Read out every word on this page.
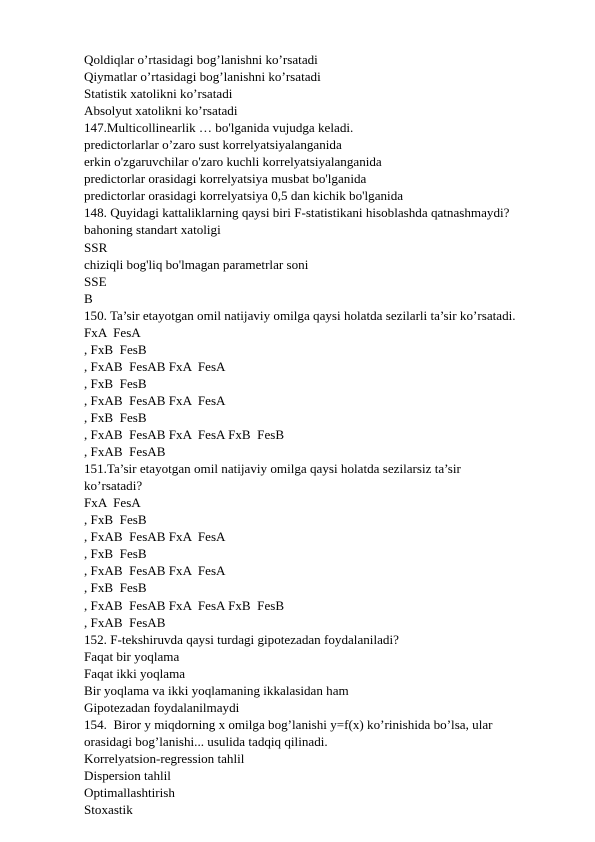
Qoldiqlar o’rtasidagi bog’lanishni ko’rsatadi
Qiymatlar o’rtasidagi bog’lanishni ko’rsatadi
Statistik xatolikni ko’rsatadi
Absolyut xatolikni ko’rsatadi
147.Multicollinearlik … bo'lganida vujudga keladi.
predictorlarlar o’zaro sust korrelyatsiyalanganida
erkin o'zgaruvchilar o'zaro kuchli korrelyatsiyalanganida
predictorlar orasidagi korrelyatsiya musbat bo'lganida
predictorlar orasidagi korrelyatsiya 0,5 dan kichik bo'lganida
148. Quyidagi kattaliklarning qaysi biri F-statistikani hisoblashda qatnashmaydi?
bahoning standart xatoligi
SSR
chiziqli bog'liq bo'lmagan parametrlar soni
SSE
B
150. Ta’sir etayotgan omil natijaviy omilga qaysi holatda sezilarli ta’sir ko’rsatadi.
FxA  FesA
, FxB  FesB
, FxAB  FesAB FxA  FesA
, FxB  FesB
, FxAB  FesAB FxA  FesA
, FxB  FesB
, FxAB  FesAB FxA  FesA FxB  FesB
, FxAB  FesAB
151.Ta’sir etayotgan omil natijaviy omilga qaysi holatda sezilarsiz ta’sir
ko’rsatadi?
FxA  FesA
, FxB  FesB
, FxAB  FesAB FxA  FesA
, FxB  FesB
, FxAB  FesAB FxA  FesA
, FxB  FesB
, FxAB  FesAB FxA  FesA FxB  FesB
, FxAB  FesAB
152. F-tekshiruvda qaysi turdagi gipotezadan foydalaniladi?
Faqat bir yoqlama
Faqat ikki yoqlama
Bir yoqlama va ikki yoqlamaning ikkalasidan ham
Gipotezadan foydalanilmaydi
154.  Biror y miqdorning x omilga bog’lanishi y=f(x) ko’rinishida bo’lsa, ular
orasidagi bog’lanishi... usulida tadqiq qilinadi.
Korrelyatsion-regression tahlil
Dispersion tahlil
Optimallashtirish
Stoxastik
